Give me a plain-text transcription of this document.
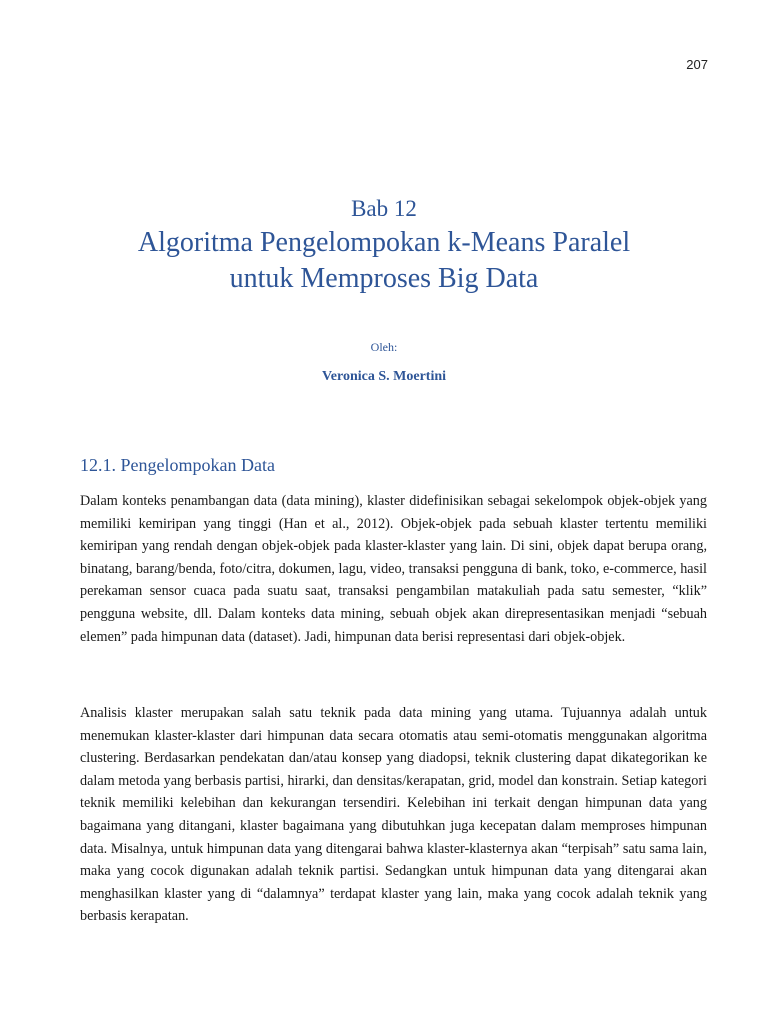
207
Bab 12
Algoritma Pengelompokan k-Means Paralel
untuk Memproses Big Data
Oleh:
Veronica S. Moertini
12.1. Pengelompokan Data

Dalam konteks penambangan data (data mining), klaster didefinisikan sebagai sekelompok objek-objek yang memiliki kemiripan yang tinggi (Han et al., 2012). Objek-objek pada sebuah klaster tertentu memiliki kemiripan yang rendah dengan objek-objek pada klaster-klaster yang lain. Di sini, objek dapat berupa orang, binatang, barang/benda, foto/citra, dokumen, lagu, video, transaksi pengguna di bank, toko, e-commerce, hasil perekaman sensor cuaca pada suatu saat, transaksi pengambilan matakuliah pada satu semester, “klik” pengguna website, dll. Dalam konteks data mining, sebuah objek akan direpresentasikan menjadi “sebuah elemen” pada himpunan data (dataset). Jadi, himpunan data berisi representasi dari objek-objek.

Analisis klaster merupakan salah satu teknik pada data mining yang utama. Tujuannya adalah untuk menemukan klaster-klaster dari himpunan data secara otomatis atau semi-otomatis menggunakan algoritma clustering. Berdasarkan pendekatan dan/atau konsep yang diadopsi, teknik clustering dapat dikategorikan ke dalam metoda yang berbasis partisi, hirarki, dan densitas/kerapatan, grid, model dan konstrain. Setiap kategori teknik memiliki kelebihan dan kekurangan tersendiri. Kelebihan ini terkait dengan himpunan data yang bagaimana yang ditangani, klaster bagaimana yang dibutuhkan juga kecepatan dalam memproses himpunan data. Misalnya, untuk himpunan data yang ditengarai bahwa klaster-klasternya akan “terpisah” satu sama lain, maka yang cocok digunakan adalah teknik partisi. Sedangkan untuk himpunan data yang ditengarai akan menghasilkan klaster yang di “dalamnya” terdapat klaster yang lain, maka yang cocok adalah teknik yang berbasis kerapatan.
